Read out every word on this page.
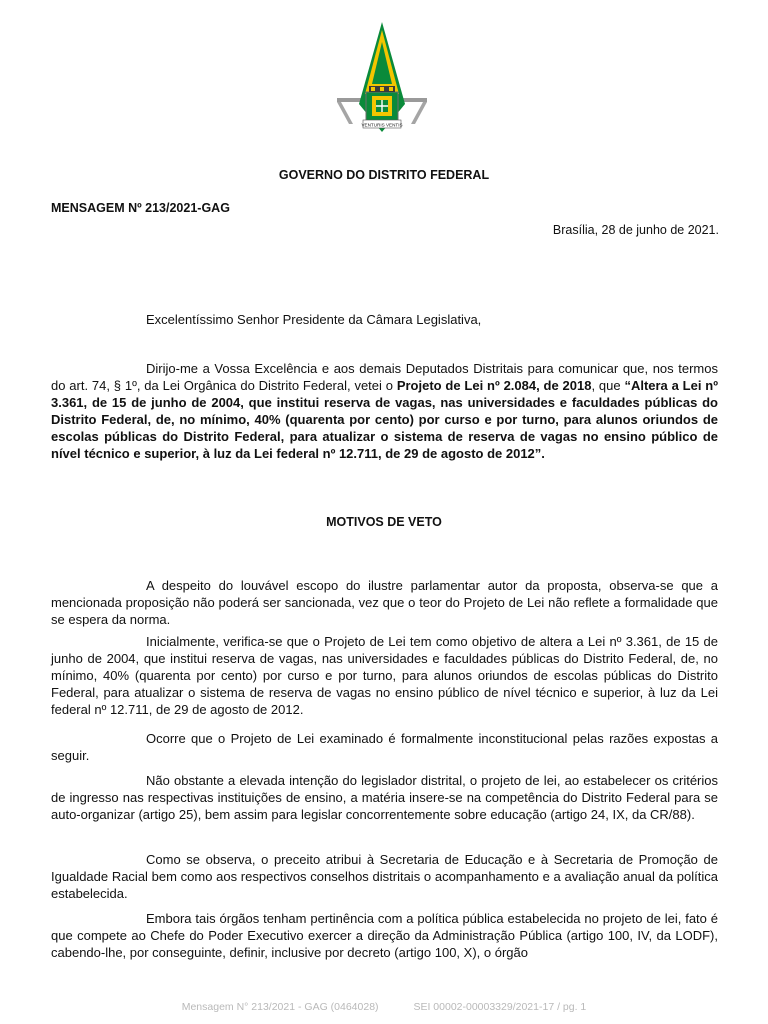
VENTURIS VENTIS
GOVERNO DO DISTRITO FEDERAL
MENSAGEM Nº 213/2021-GAG
Brasília, 28 de junho de 2021.
Excelentíssimo Senhor Presidente da Câmara Legislativa,

Dirijo-me a Vossa Excelência e aos demais Deputados Distritais para comunicar que, nos termos do art. 74, § 1º, da Lei Orgânica do Distrito Federal, vetei o Projeto de Lei nº 2.084, de 2018, que “Altera a Lei nº 3.361, de 15 de junho de 2004, que institui reserva de vagas, nas universidades e faculdades públicas do Distrito Federal, de, no mínimo, 40% (quarenta por cento) por curso e por turno, para alunos oriundos de escolas públicas do Distrito Federal, para atualizar o sistema de reserva de vagas no ensino público de nível técnico e superior, à luz da Lei federal nº 12.711, de 29 de agosto de 2012”.

MOTIVOS DE VETO

A despeito do louvável escopo do ilustre parlamentar autor da proposta, observa-se que a mencionada proposição não poderá ser sancionada, vez que o teor do Projeto de Lei não reflete a formalidade que se espera da norma.

Inicialmente, verifica-se que o Projeto de Lei tem como objetivo de altera a Lei nº 3.361, de 15 de junho de 2004, que institui reserva de vagas, nas universidades e faculdades públicas do Distrito Federal, de, no mínimo, 40% (quarenta por cento) por curso e por turno, para alunos oriundos de escolas públicas do Distrito Federal, para atualizar o sistema de reserva de vagas no ensino público de nível técnico e superior, à luz da Lei federal nº 12.711, de 29 de agosto de 2012.

Ocorre que o Projeto de Lei examinado é formalmente inconstitucional pelas razões expostas a seguir.

Não obstante a elevada intenção do legislador distrital, o projeto de lei, ao estabelecer os critérios de ingresso nas respectivas instituições de ensino, a matéria insere-se na competência do Distrito Federal para se auto-organizar (artigo 25), bem assim para legislar concorrentemente sobre educação (artigo 24, IX, da CR/88).

Como se observa, o preceito atribui à Secretaria de Educação e à Secretaria de Promoção de Igualdade Racial bem como aos respectivos conselhos distritais o acompanhamento e a avaliação anual da política estabelecida.

Embora tais órgãos tenham pertinência com a política pública estabelecida no projeto de lei, fato é que compete ao Chefe do Poder Executivo exercer a direção da Administração Pública (artigo 100, IV, da LODF), cabendo-lhe, por conseguinte, definir, inclusive por decreto (artigo 100, X), o órgão

Mensagem N° 213/2021 - GAG (0464028)	SEI 00002-00003329/2021-17 / pg. 1
